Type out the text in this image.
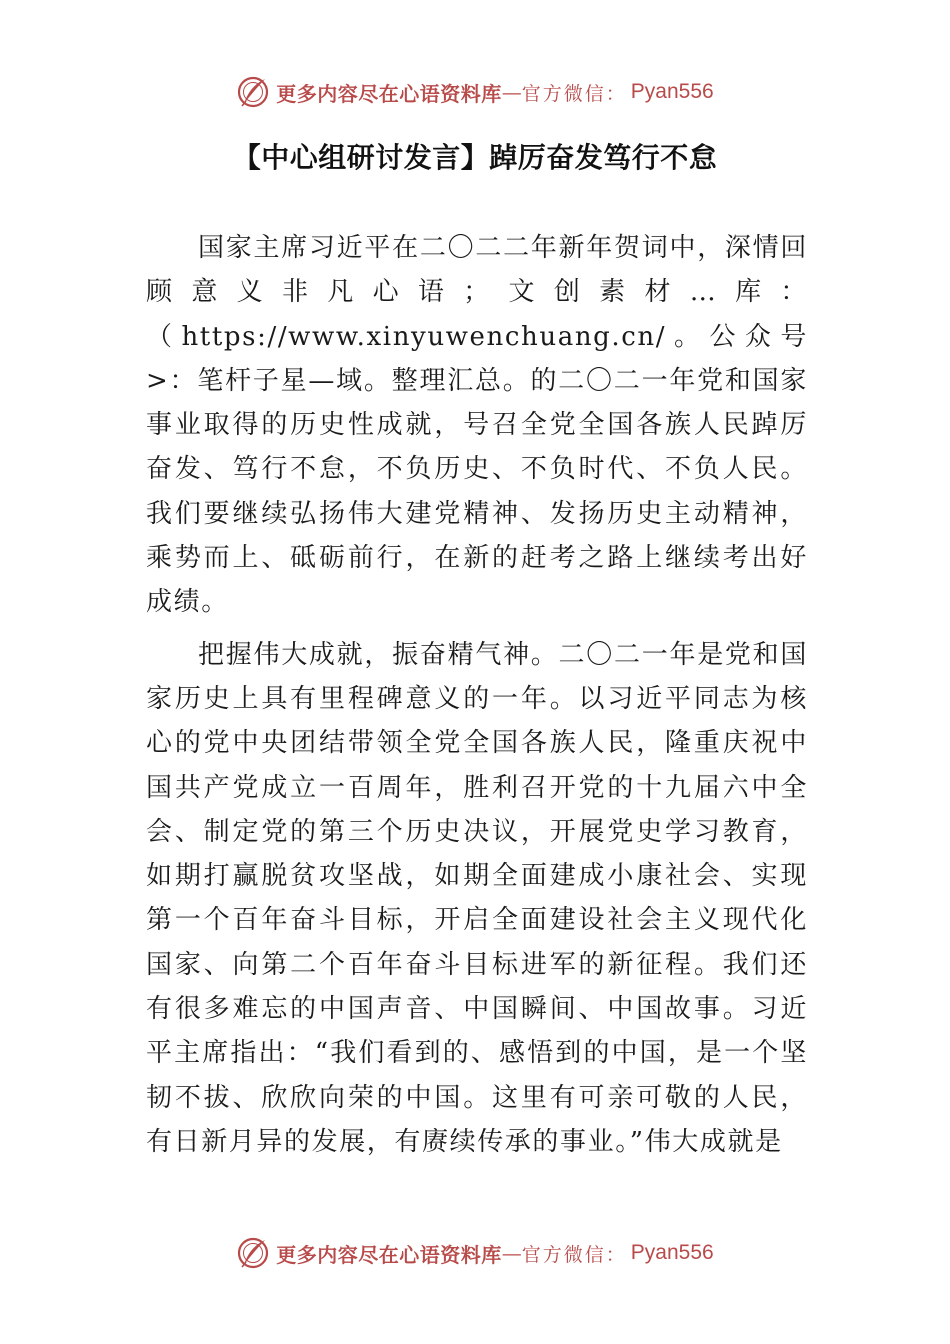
更多内容尽在心语资料库 — 官方微信： Pyan556
【中心组研讨发言】踔厉奋发笃行不怠

国家主席习近平在二〇二二年新年贺词中，深情回顾意义非凡心语；文创素材…库：（https://www.xinyuwenchuang.cn/。公众号>：笔杆子星—域。整理汇总。的二〇二一年党和国家事业取得的历史性成就，号召全党全国各族人民踔厉奋发、笃行不怠，不负历史、不负时代、不负人民。我们要继续弘扬伟大建党精神、发扬历史主动精神，乘势而上、砥砺前行，在新的赶考之路上继续考出好成绩。

把握伟大成就，振奋精气神。二〇二一年是党和国家历史上具有里程碑意义的一年。以习近平同志为核心的党中央团结带领全党全国各族人民，隆重庆祝中国共产党成立一百周年，胜利召开党的十九届六中全会、制定党的第三个历史决议，开展党史学习教育，如期打赢脱贫攻坚战，如期全面建成小康社会、实现第一个百年奋斗目标，开启全面建设社会主义现代化国家、向第二个百年奋斗目标进军的新征程。我们还有很多难忘的中国声音、中国瞬间、中国故事。习近平主席指出：“我们看到的、感悟到的中国，是一个坚韧不拔、欣欣向荣的中国。这里有可亲可敬的人民，有日新月异的发展，有赓续传承的事业。”伟大成就是

更多内容尽在心语资料库 — 官方微信： Pyan556
